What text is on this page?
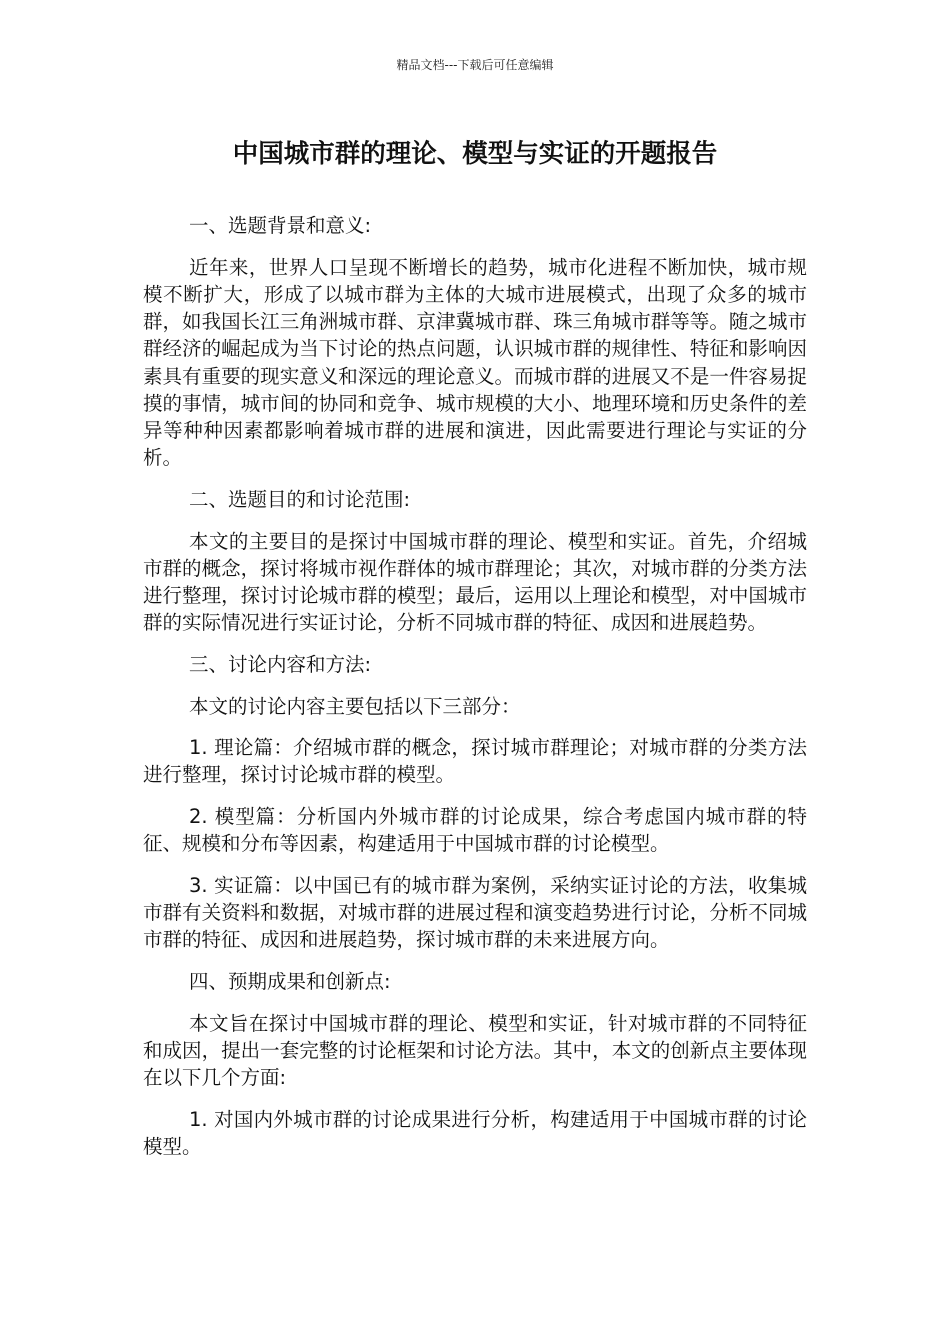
精品文档---下载后可任意编辑
中国城市群的理论、模型与实证的开题报告

一、选题背景和意义:

近年来，世界人口呈现不断增长的趋势，城市化进程不断加快，城市规模不断扩大，形成了以城市群为主体的大城市进展模式，出现了众多的城市群，如我国长江三角洲城市群、京津冀城市群、珠三角城市群等等。随之城市群经济的崛起成为当下讨论的热点问题，认识城市群的规律性、特征和影响因素具有重要的现实意义和深远的理论意义。而城市群的进展又不是一件容易捉摸的事情，城市间的协同和竞争、城市规模的大小、地理环境和历史条件的差异等种种因素都影响着城市群的进展和演进，因此需要进行理论与实证的分析。

二、选题目的和讨论范围:

本文的主要目的是探讨中国城市群的理论、模型和实证。首先，介绍城市群的概念，探讨将城市视作群体的城市群理论；其次，对城市群的分类方法进行整理，探讨讨论城市群的模型；最后，运用以上理论和模型，对中国城市群的实际情况进行实证讨论，分析不同城市群的特征、成因和进展趋势。

三、讨论内容和方法:

本文的讨论内容主要包括以下三部分：

1. 理论篇：介绍城市群的概念，探讨城市群理论；对城市群的分类方法进行整理，探讨讨论城市群的模型。

2. 模型篇：分析国内外城市群的讨论成果，综合考虑国内城市群的特征、规模和分布等因素，构建适用于中国城市群的讨论模型。

3. 实证篇：以中国已有的城市群为案例，采纳实证讨论的方法，收集城市群有关资料和数据，对城市群的进展过程和演变趋势进行讨论，分析不同城市群的特征、成因和进展趋势，探讨城市群的未来进展方向。

四、预期成果和创新点:

本文旨在探讨中国城市群的理论、模型和实证，针对城市群的不同特征和成因，提出一套完整的讨论框架和讨论方法。其中，本文的创新点主要体现在以下几个方面:

1. 对国内外城市群的讨论成果进行分析，构建适用于中国城市群的讨论模型。
